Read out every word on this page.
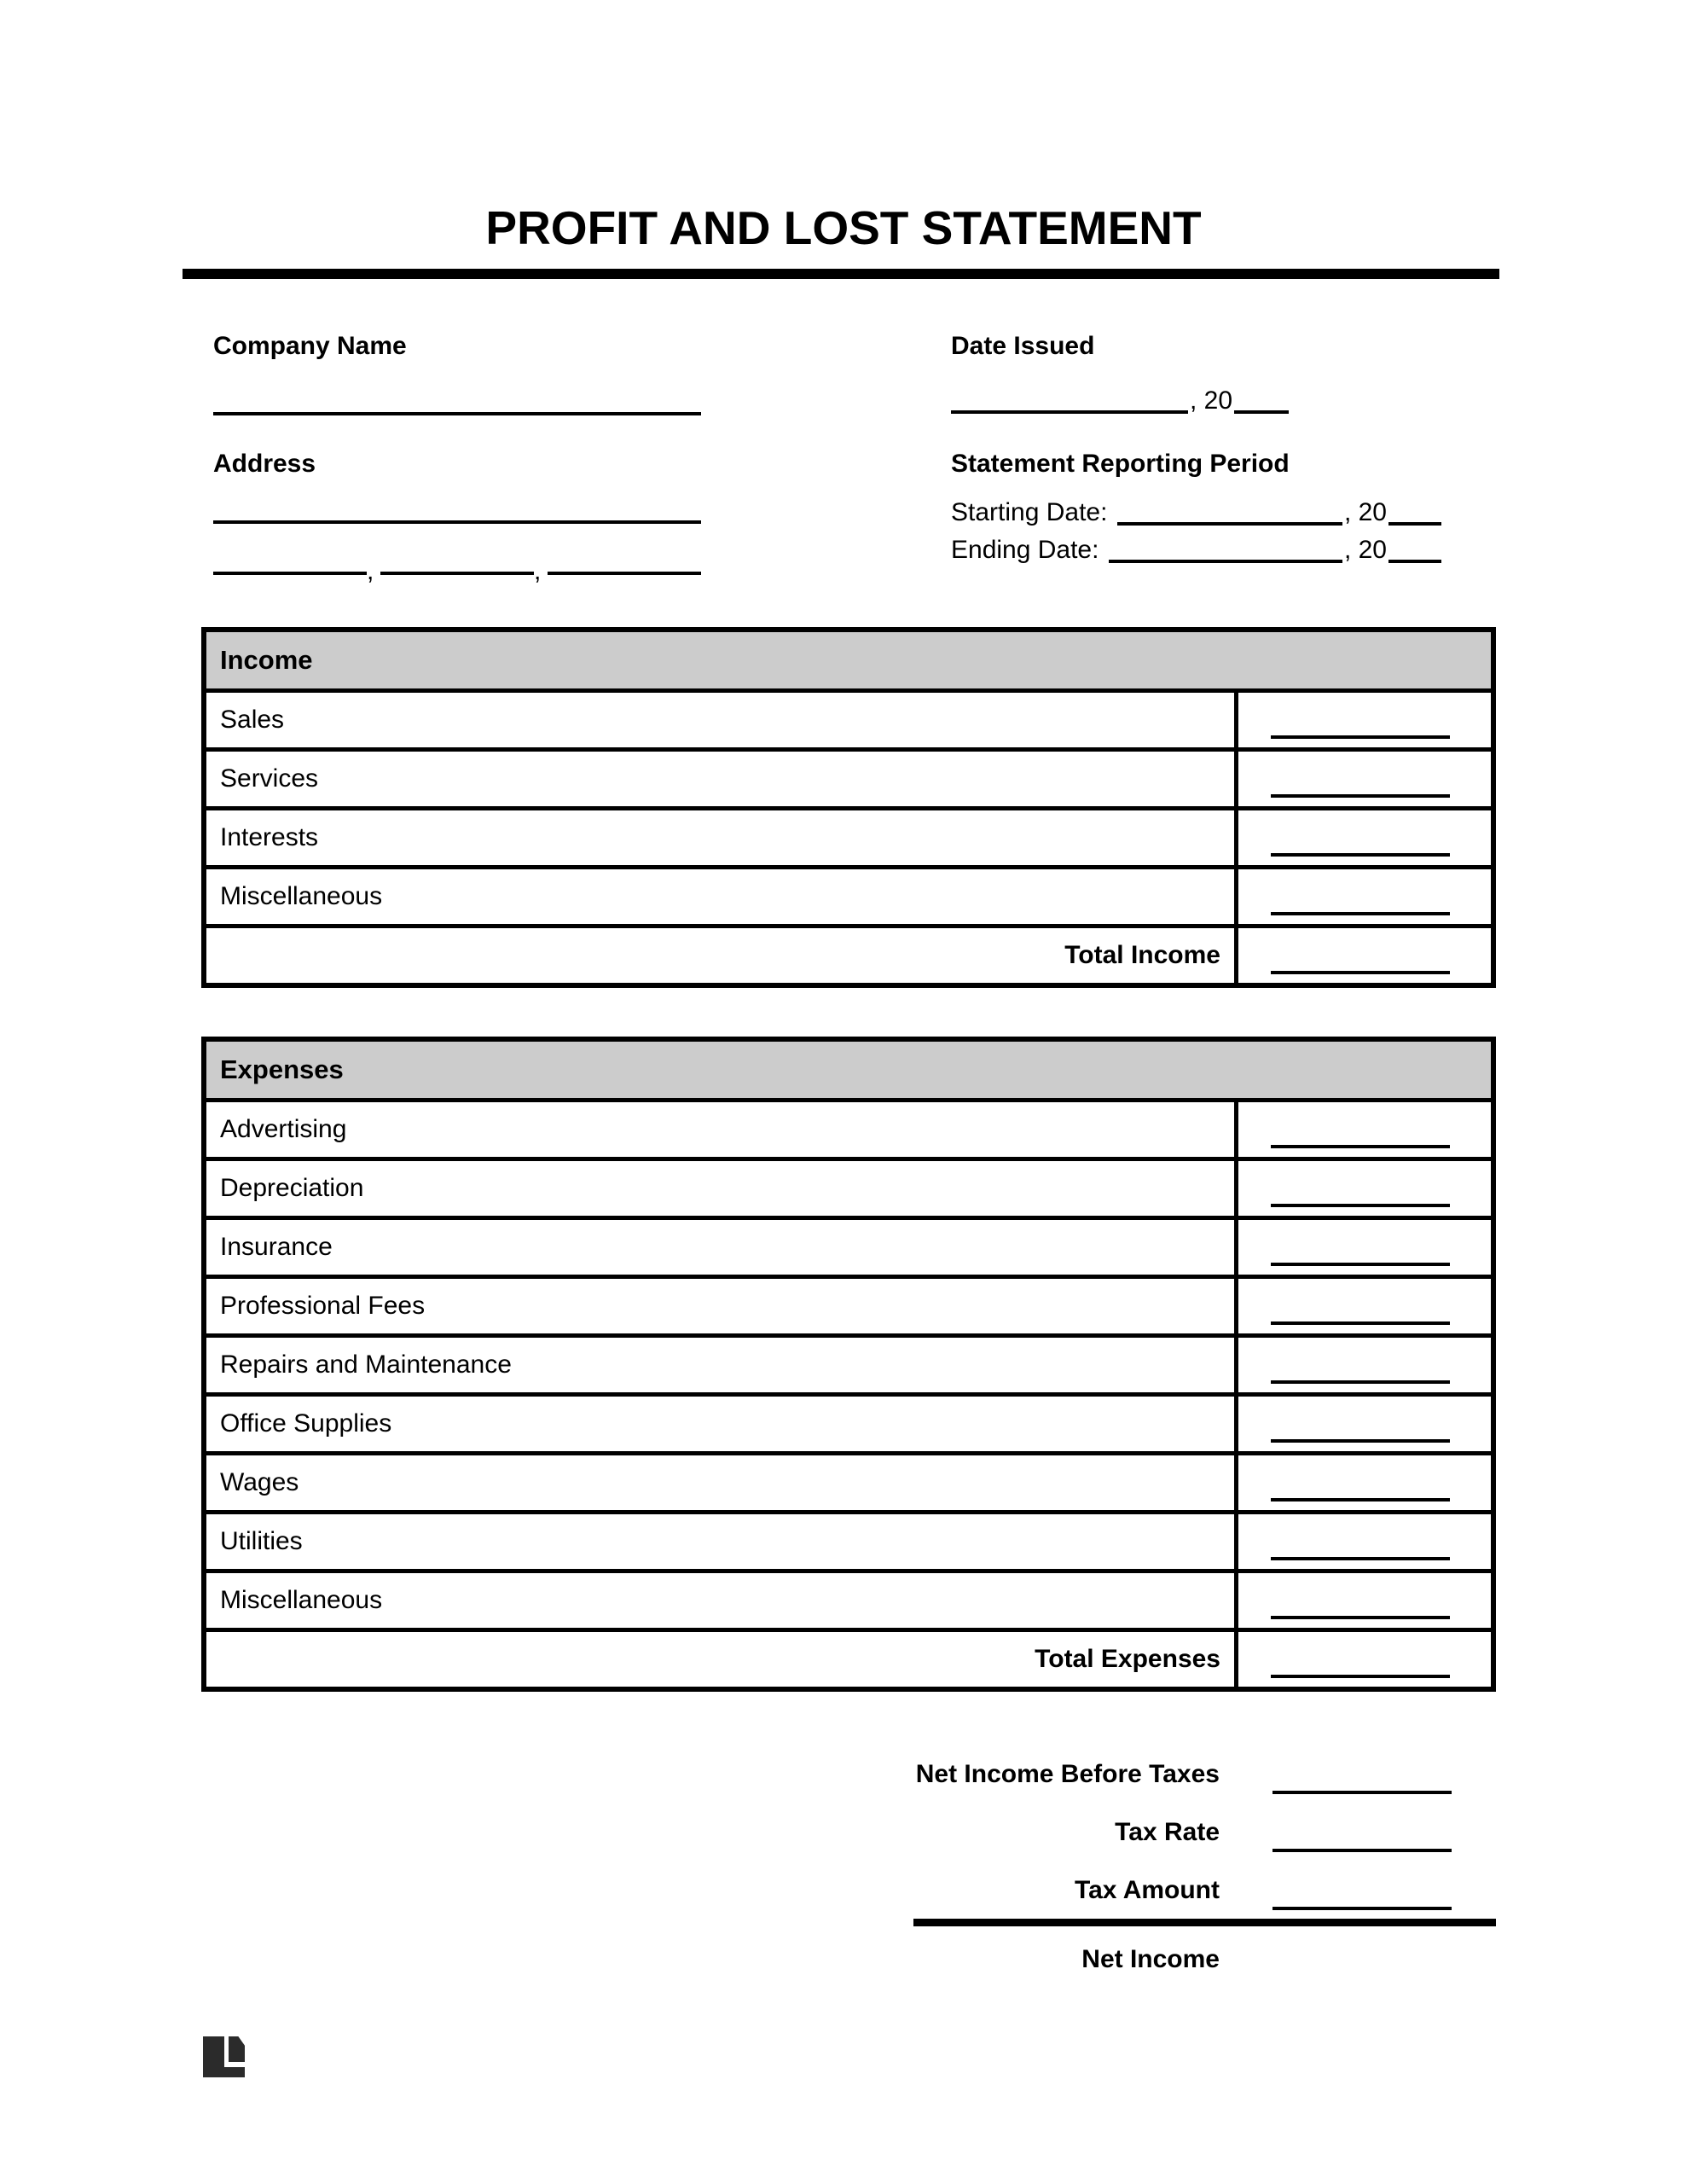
PROFIT AND LOST STATEMENT
Company Name
Address
,	,
Date Issued
, 20
Statement Reporting Period
Starting Date:	, 20
Ending Date:	, 20
Income
Sales
Services
Interests
Miscellaneous
Total Income
Expenses
Advertising
Depreciation
Insurance
Professional Fees
Repairs and Maintenance
Office Supplies
Wages
Utilities
Miscellaneous
Total Expenses
Net Income Before Taxes
Tax Rate
Tax Amount
Net Income
